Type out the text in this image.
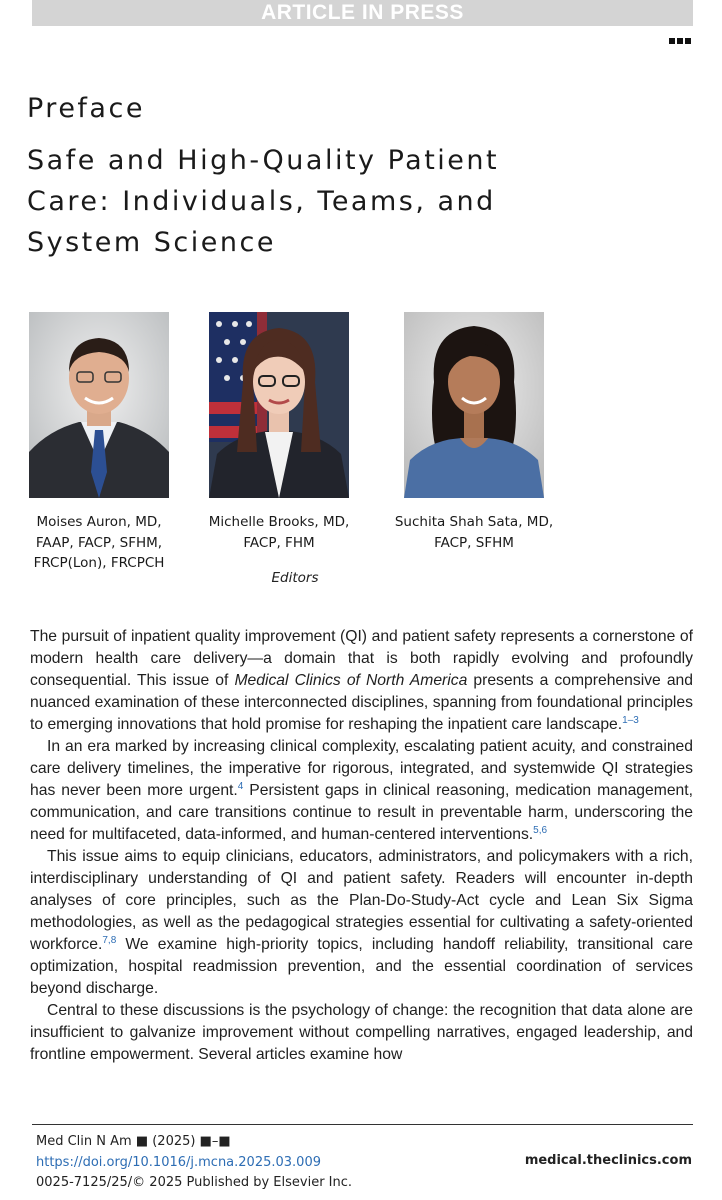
ARTICLE IN PRESS
Preface
Safe and High-Quality Patient
Care: Individuals, Teams, and
System Science
Moises Auron, MD,
FAAP, FACP, SFHM,
FRCP(Lon), FRCPCH
Michelle Brooks, MD,
FACP, FHM
Suchita Shah Sata, MD,
FACP, SFHM
Editors

The pursuit of inpatient quality improvement (QI) and patient safety represents a cornerstone of modern health care delivery—a domain that is both rapidly evolving and profoundly consequential. This issue of Medical Clinics of North America presents a comprehensive and nuanced examination of these interconnected disciplines, spanning from foundational principles to emerging innovations that hold promise for reshaping the inpatient care landscape.$^{1-3}$

In an era marked by increasing clinical complexity, escalating patient acuity, and constrained care delivery timelines, the imperative for rigorous, integrated, and systemwide QI strategies has never been more urgent.$^4$ Persistent gaps in clinical reasoning, medication management, communication, and care transitions continue to result in preventable harm, underscoring the need for multifaceted, data-informed, and human-centered interventions.$^{5,6}$

This issue aims to equip clinicians, educators, administrators, and policymakers with a rich, interdisciplinary understanding of QI and patient safety. Readers will encounter in-depth analyses of core principles, such as the Plan-Do-Study-Act cycle and Lean Six Sigma methodologies, as well as the pedagogical strategies essential for cultivating a safety-oriented workforce.$^{7,8}$ We examine high-priority topics, including handoff reliability, transitional care optimization, hospital readmission prevention, and the essential coordination of services beyond discharge.

Central to these discussions is the psychology of change: the recognition that data alone are insufficient to galvanize improvement without compelling narratives, engaged leadership, and frontline empowerment. Several articles examine how

Med Clin N Am ■ (2025) ■–■
https://doi.org/10.1016/j.mcna.2025.03.009
0025-7125/25/© 2025 Published by Elsevier Inc.
medical.theclinics.com
